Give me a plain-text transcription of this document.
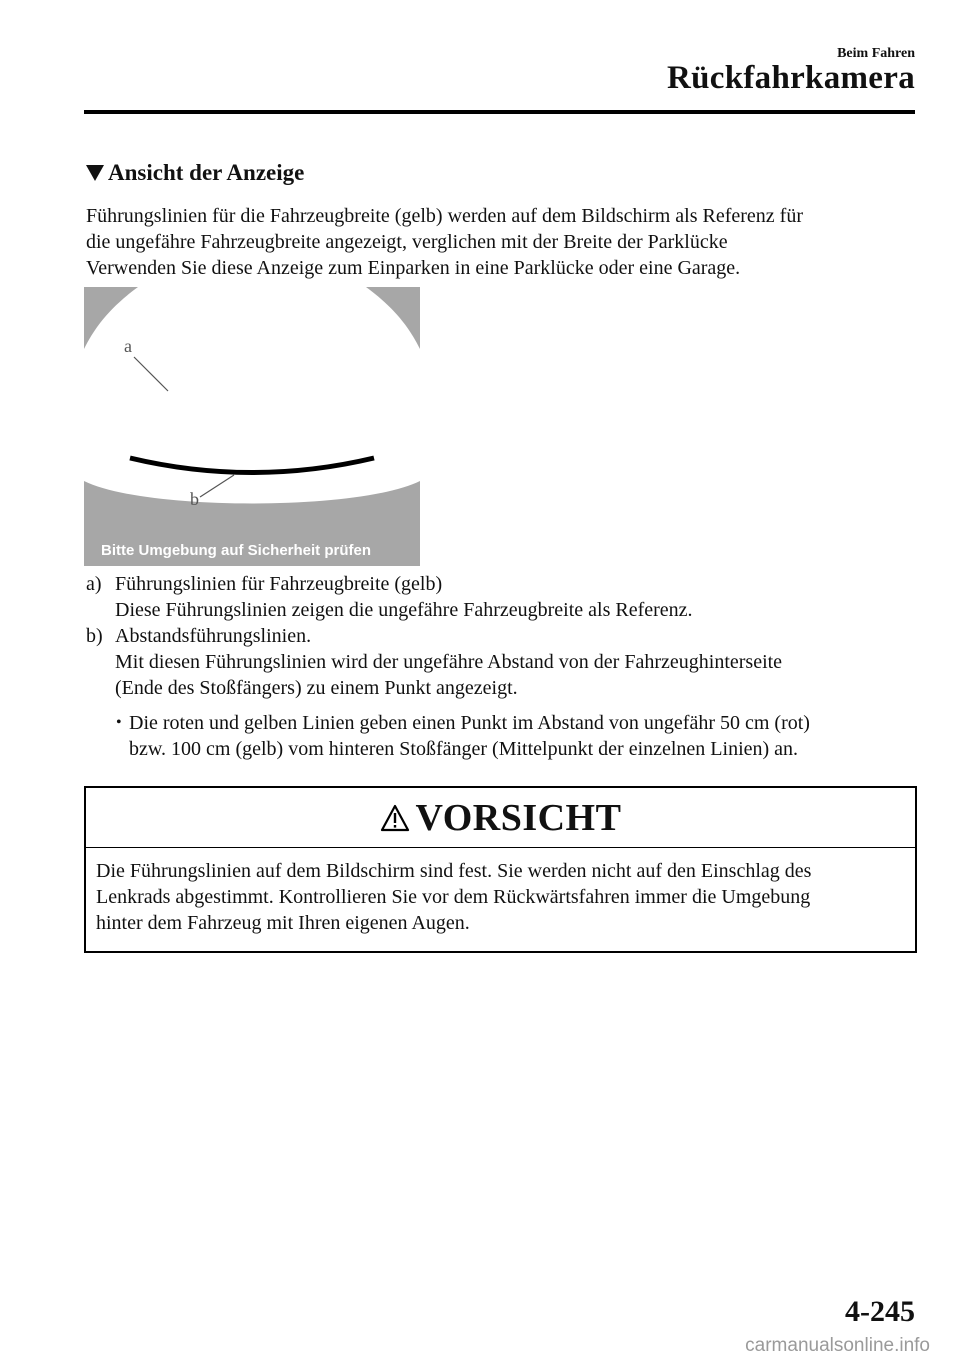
Beim Fahren
Rückfahrkamera
Ansicht der Anzeige

Führungslinien für die Fahrzeugbreite (gelb) werden auf dem Bildschirm als Referenz für

die ungefähre Fahrzeugbreite angezeigt, verglichen mit der Breite der Parklücke

Verwenden Sie diese Anzeige zum Einparken in eine Parklücke oder eine Garage.

a
b
Bitte Umgebung auf Sicherheit prüfen
a) Führungslinien für Fahrzeugbreite (gelb)
Diese Führungslinien zeigen die ungefähre Fahrzeugbreite als Referenz.
b) Abstandsführungslinien.
Mit diesen Führungslinien wird der ungefähre Abstand von der Fahrzeughinterseite
(Ende des Stoßfängers) zu einem Punkt angezeigt.
• Die roten und gelben Linien geben einen Punkt im Abstand von ungefähr 50 cm (rot)
bzw. 100 cm (gelb) vom hinteren Stoßfänger (Mittelpunkt der einzelnen Linien) an.
VORSICHT
Die Führungslinien auf dem Bildschirm sind fest. Sie werden nicht auf den Einschlag des
Lenkrads abgestimmt. Kontrollieren Sie vor dem Rückwärtsfahren immer die Umgebung
hinter dem Fahrzeug mit Ihren eigenen Augen.
4-245
carmanualsonline.info
